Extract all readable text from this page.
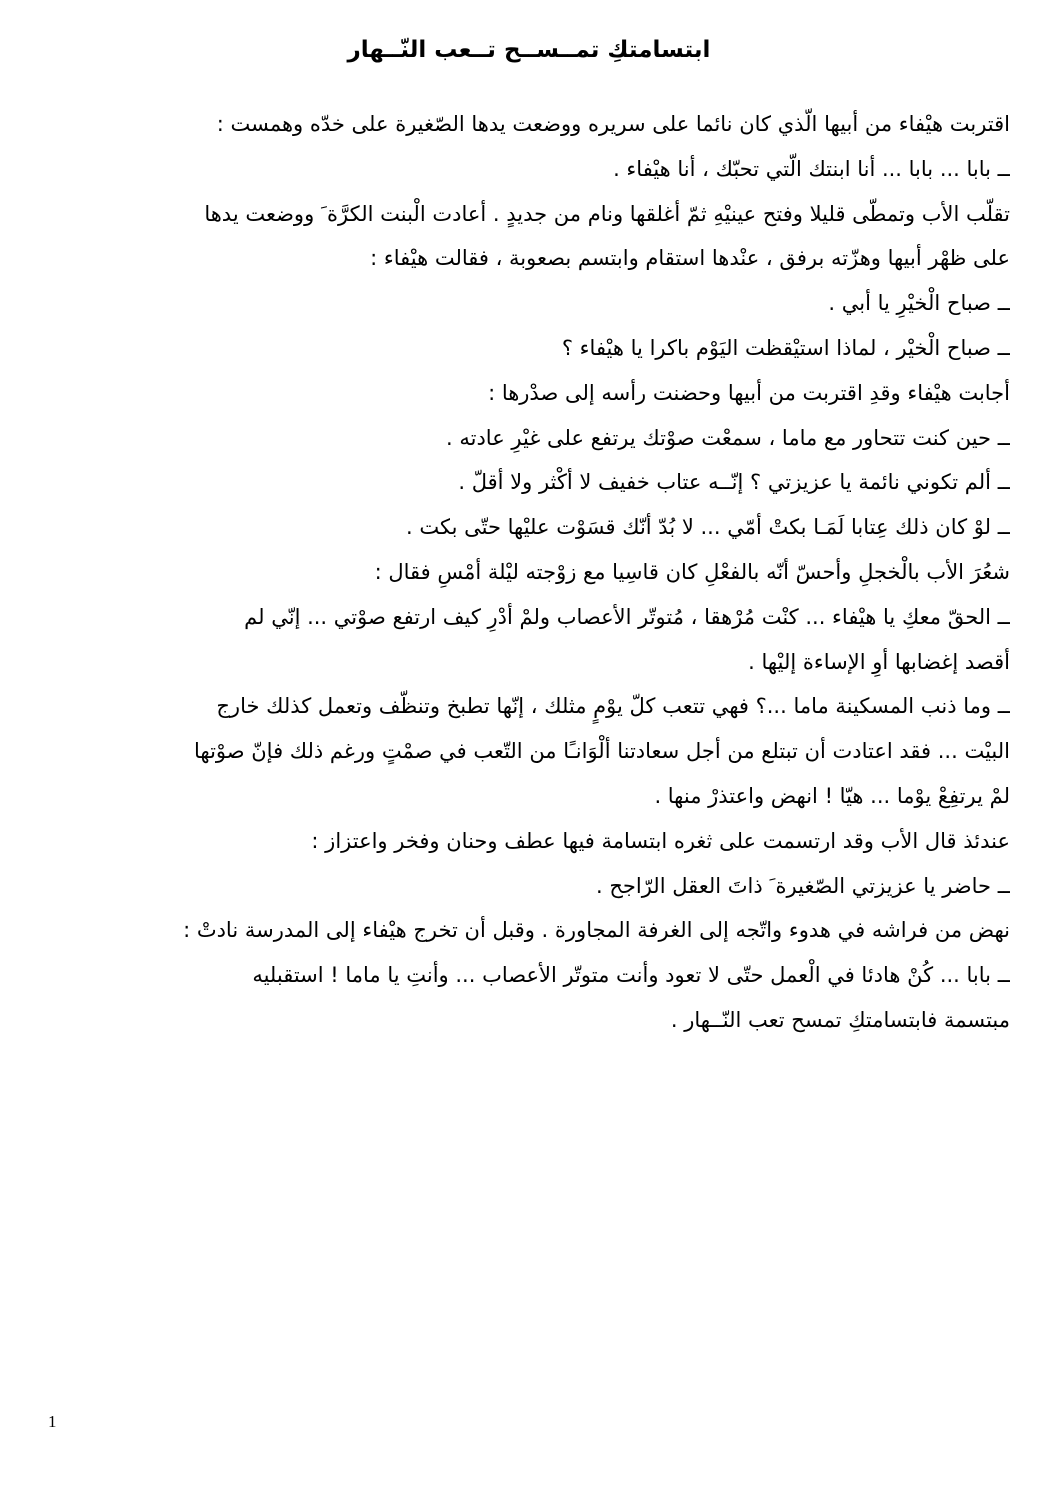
ابتسامتكِ تمــســح تــعب النّــهار
اقتربت هيْفاء من أبيها الّذي كان نائما على سريره ووضعت يدها الصّغيرة على خدّه وهمست :
ــ بابا ... بابا ... أنا ابنتك الّتي تحبّك ، أنا هيْفاء .
تقلّب الأب وتمطّى قليلا وفتح عينيْهِ ثمّ أغلقها ونام من جديدٍ . أعادت الْبنت الكرَّة َ ووضعت يدها
على ظهْر أبيها وهزّته برفق ، عنْدها استقام وابتسم بصعوبة ، فقالت هيْفاء :
ــ صباح الْخيْرِ يا أبي .
ــ صباح الْخيْر ، لماذا استيْقظت اليَوْم باكرا يا هيْفاء ؟
أجابت هيْفاء وقدِ اقتربت من أبيها وحضنت رأسه إلى صدْرها :
ــ حين كنت تتحاور مع ماما ، سمعْت صوْتك يرتفع على غيْرِ عادته .
ــ ألم تكوني نائمة يا عزيزتي ؟ إنّــه عتاب خفيف لا أكْثر ولا أقلّ .
ــ لوْ كان ذلك عِتابا لَمَـا بكتْ أمّي ... لا بُدّ أنّك قسَوْت عليْها حتّى بكت .
شعُرَ الأب بالْخجلِ وأحسّ أنّه بالفعْلِ كان قاسِيا مع زوْجته ليْلة أمْسِ فقال :
ــ الحقّ معكِ يا هيْفاء ... كنْت مُرْهقا ، مُتوتّر الأعصاب ولمْ أدْرِ كيف ارتفع صوْتي ... إنّي لم
أقصد إغضابها أوِ الإساءة إليْها .
ــ وما ذنب المسكينة ماما ...؟ فهي تتعب كلّ يوْمٍ مثلك ، إنّها تطبخ وتنظّف وتعمل كذلك خارج
البيْت ... فقد اعتادت أن تبتلع من أجل سعادتنا ألْوَانـًا من التّعب في صمْتٍ ورغم ذلك فإنّ صوْتها
لمْ يرتفِعْ يوْما ... هيّا ! انهض واعتذرْ منها .
عندئذ قال الأب وقد ارتسمت على ثغره ابتسامة فيها عطف وحنان وفخر واعتزاز :
ــ حاضر يا عزيزتي الصّغيرة َ ذاتَ العقل الرّاجح .
نهض من فراشه في هدوء واتّجه إلى الغرفة المجاورة . وقبل أن تخرج هيْفاء إلى المدرسة نادتْ :
ــ بابا ... كُنْ هادئا في الْعمل حتّى لا تعود وأنت متوتّر الأعصاب ... وأنتِ يا ماما ! استقبليه
مبتسمة فابتسامتكِ تمسح تعب النّــهار .
1
